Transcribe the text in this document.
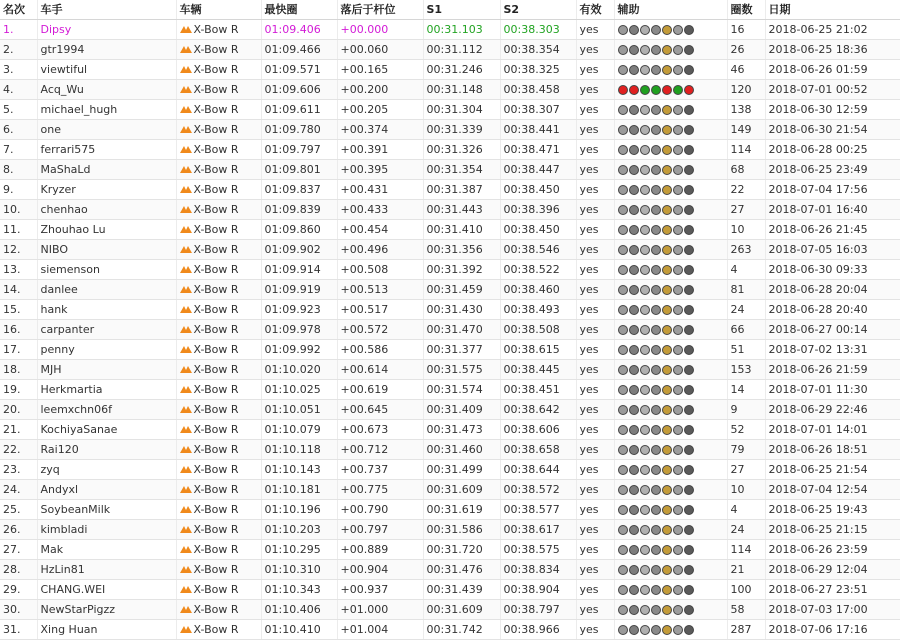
名次	车手	车辆	最快圈	落后于杆位	S1	S2	有效	辅助	圈数	日期
1.	Dipsy	X-Bow R	01:09.406	+00.000	00:31.103	00:38.303	yes		16	2018-06-25 21:02
2.	gtr1994	X-Bow R	01:09.466	+00.060	00:31.112	00:38.354	yes		26	2018-06-25 18:36
3.	viewtiful	X-Bow R	01:09.571	+00.165	00:31.246	00:38.325	yes		46	2018-06-26 01:59
4.	Acq_Wu	X-Bow R	01:09.606	+00.200	00:31.148	00:38.458	yes		120	2018-07-01 00:52
5.	michael_hugh	X-Bow R	01:09.611	+00.205	00:31.304	00:38.307	yes		138	2018-06-30 12:59
6.	one	X-Bow R	01:09.780	+00.374	00:31.339	00:38.441	yes		149	2018-06-30 21:54
7.	ferrari575	X-Bow R	01:09.797	+00.391	00:31.326	00:38.471	yes		114	2018-06-28 00:25
8.	MaShaLd	X-Bow R	01:09.801	+00.395	00:31.354	00:38.447	yes		68	2018-06-25 23:49
9.	Kryzer	X-Bow R	01:09.837	+00.431	00:31.387	00:38.450	yes		22	2018-07-04 17:56
10.	chenhao	X-Bow R	01:09.839	+00.433	00:31.443	00:38.396	yes		27	2018-07-01 16:40
11.	Zhouhao Lu	X-Bow R	01:09.860	+00.454	00:31.410	00:38.450	yes		10	2018-06-26 21:45
12.	NIBO	X-Bow R	01:09.902	+00.496	00:31.356	00:38.546	yes		263	2018-07-05 16:03
13.	siemenson	X-Bow R	01:09.914	+00.508	00:31.392	00:38.522	yes		4	2018-06-30 09:33
14.	danlee	X-Bow R	01:09.919	+00.513	00:31.459	00:38.460	yes		81	2018-06-28 20:04
15.	hank	X-Bow R	01:09.923	+00.517	00:31.430	00:38.493	yes		24	2018-06-28 20:40
16.	carpanter	X-Bow R	01:09.978	+00.572	00:31.470	00:38.508	yes		66	2018-06-27 00:14
17.	penny	X-Bow R	01:09.992	+00.586	00:31.377	00:38.615	yes		51	2018-07-02 13:31
18.	MJH	X-Bow R	01:10.020	+00.614	00:31.575	00:38.445	yes		153	2018-06-26 21:59
19.	Herkmartia	X-Bow R	01:10.025	+00.619	00:31.574	00:38.451	yes		14	2018-07-01 11:30
20.	leemxchn06f	X-Bow R	01:10.051	+00.645	00:31.409	00:38.642	yes		9	2018-06-29 22:46
21.	KochiyaSanae	X-Bow R	01:10.079	+00.673	00:31.473	00:38.606	yes		52	2018-07-01 14:01
22.	Rai120	X-Bow R	01:10.118	+00.712	00:31.460	00:38.658	yes		79	2018-06-26 18:51
23.	zyq	X-Bow R	01:10.143	+00.737	00:31.499	00:38.644	yes		27	2018-06-25 21:54
24.	Andyxl	X-Bow R	01:10.181	+00.775	00:31.609	00:38.572	yes		10	2018-07-04 12:54
25.	SoybeanMilk	X-Bow R	01:10.196	+00.790	00:31.619	00:38.577	yes		4	2018-06-25 19:43
26.	kimbladi	X-Bow R	01:10.203	+00.797	00:31.586	00:38.617	yes		24	2018-06-25 21:15
27.	Mak	X-Bow R	01:10.295	+00.889	00:31.720	00:38.575	yes		114	2018-06-26 23:59
28.	HzLin81	X-Bow R	01:10.310	+00.904	00:31.476	00:38.834	yes		21	2018-06-29 12:04
29.	CHANG.WEI	X-Bow R	01:10.343	+00.937	00:31.439	00:38.904	yes		100	2018-06-27 23:51
30.	NewStarPigzz	X-Bow R	01:10.406	+01.000	00:31.609	00:38.797	yes		58	2018-07-03 17:00
31.	Xing Huan	X-Bow R	01:10.410	+01.004	00:31.742	00:38.966	yes		287	2018-07-06 17:16
